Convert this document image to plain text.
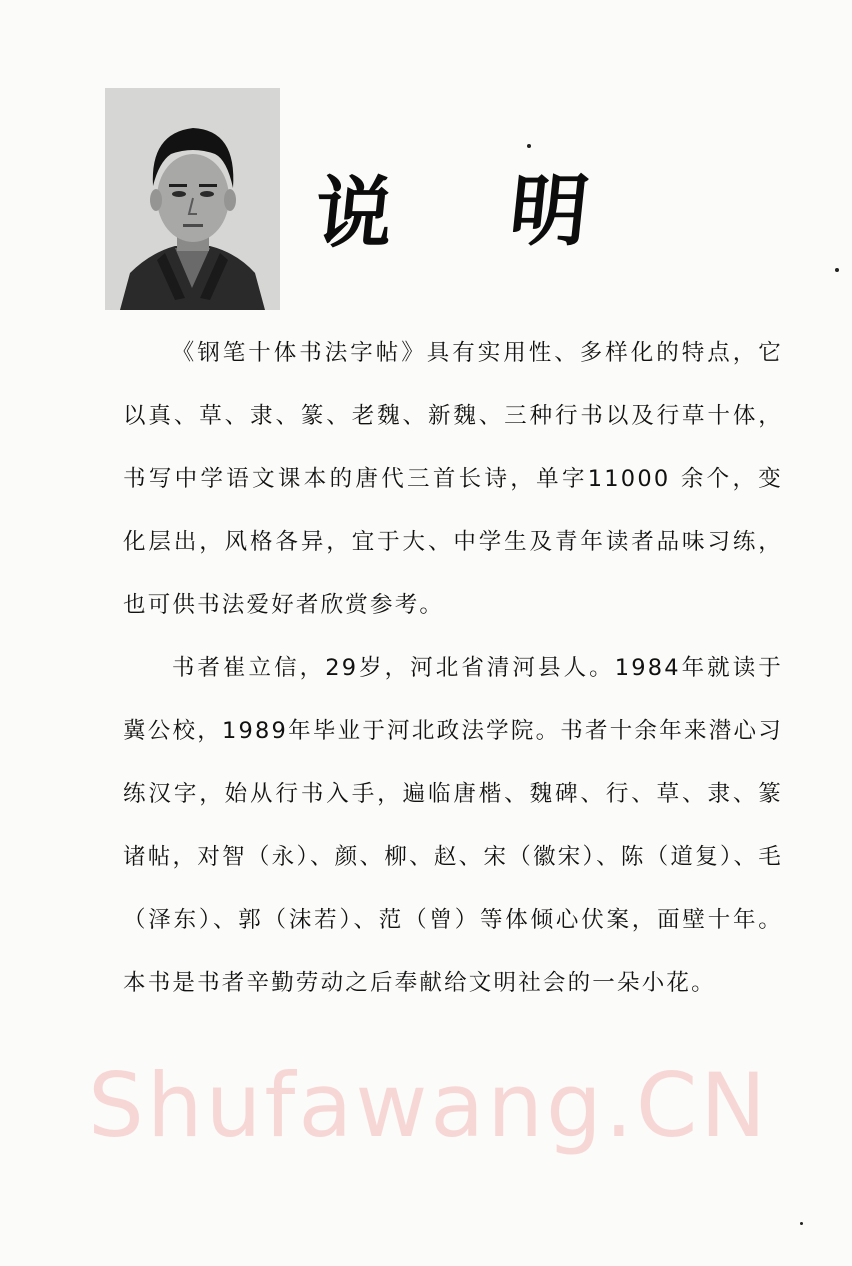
说 明

《钢笔十体书法字帖》具有实用性、多样化的特点，它以真、草、隶、篆、老魏、新魏、三种行书以及行草十体，书写中学语文课本的唐代三首长诗，单字11000 余个，变化层出，风格各异，宜于大、中学生及青年读者品味习练，也可供书法爱好者欣赏参考。

书者崔立信，29岁，河北省清河县人。1984年就读于冀公校，1989年毕业于河北政法学院。书者十余年来潜心习练汉字，始从行书入手，遍临唐楷、魏碑、行、草、隶、篆诸帖，对智（永）、颜、柳、赵、宋（徽宋）、陈（道复）、毛（泽东）、郭（沫若）、范（曾）等体倾心伏案，面壁十年。本书是书者辛勤劳动之后奉献给文明社会的一朵小花。

Shufawang.CN
